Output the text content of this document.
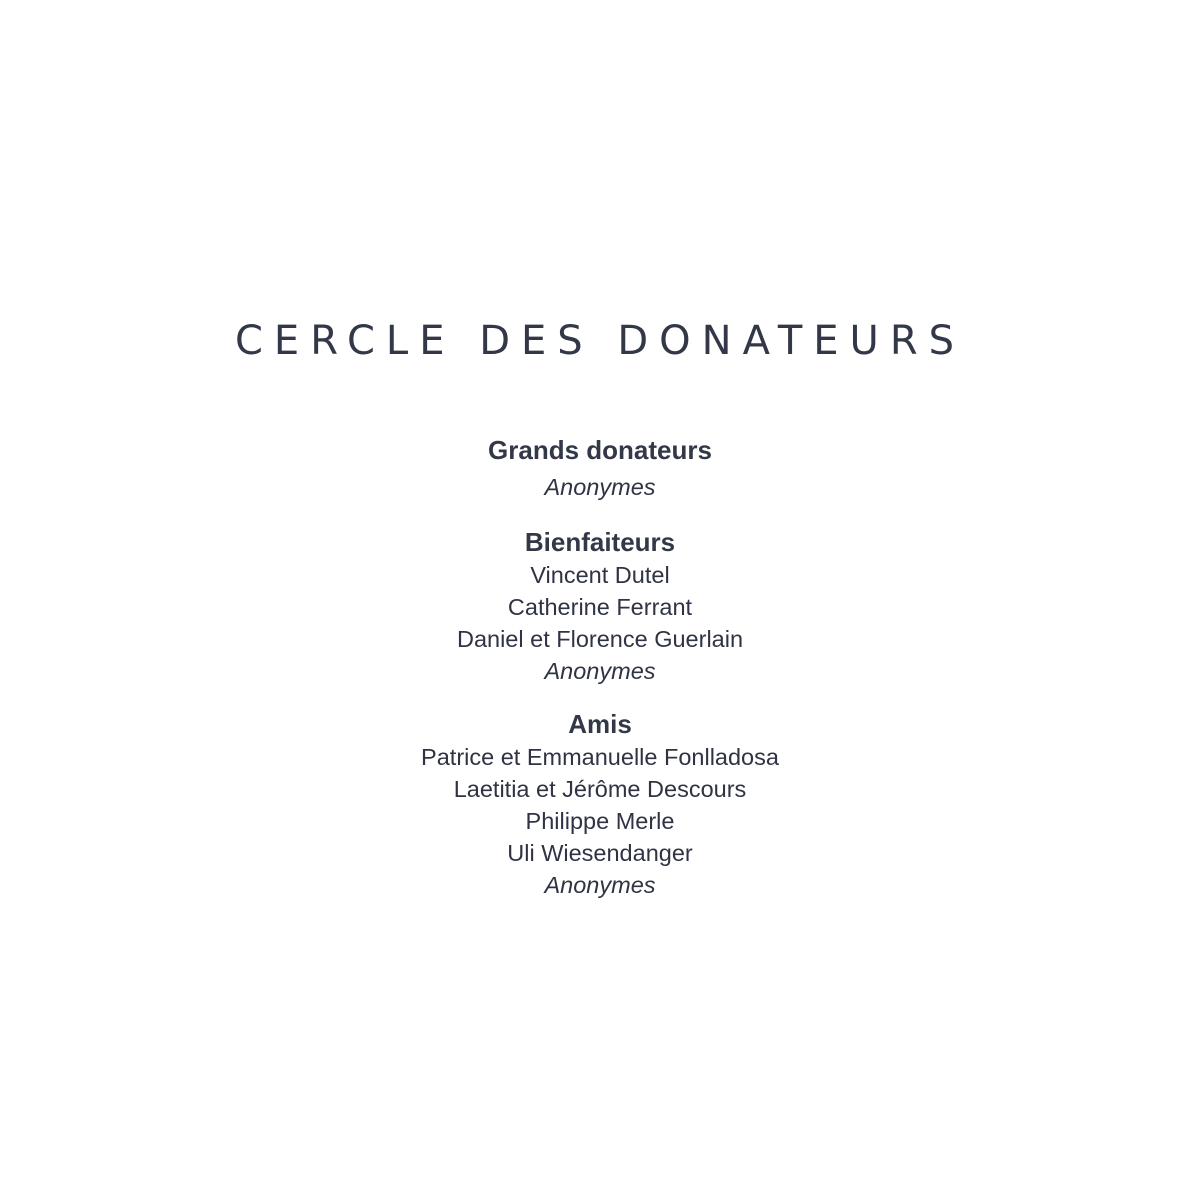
CERCLE DES DONATEURS
Grands donateurs
Anonymes
Bienfaiteurs
Vincent Dutel
Catherine Ferrant
Daniel et Florence Guerlain
Anonymes
Amis
Patrice et Emmanuelle Fonlladosa
Laetitia et Jérôme Descours
Philippe Merle
Uli Wiesendanger
Anonymes
